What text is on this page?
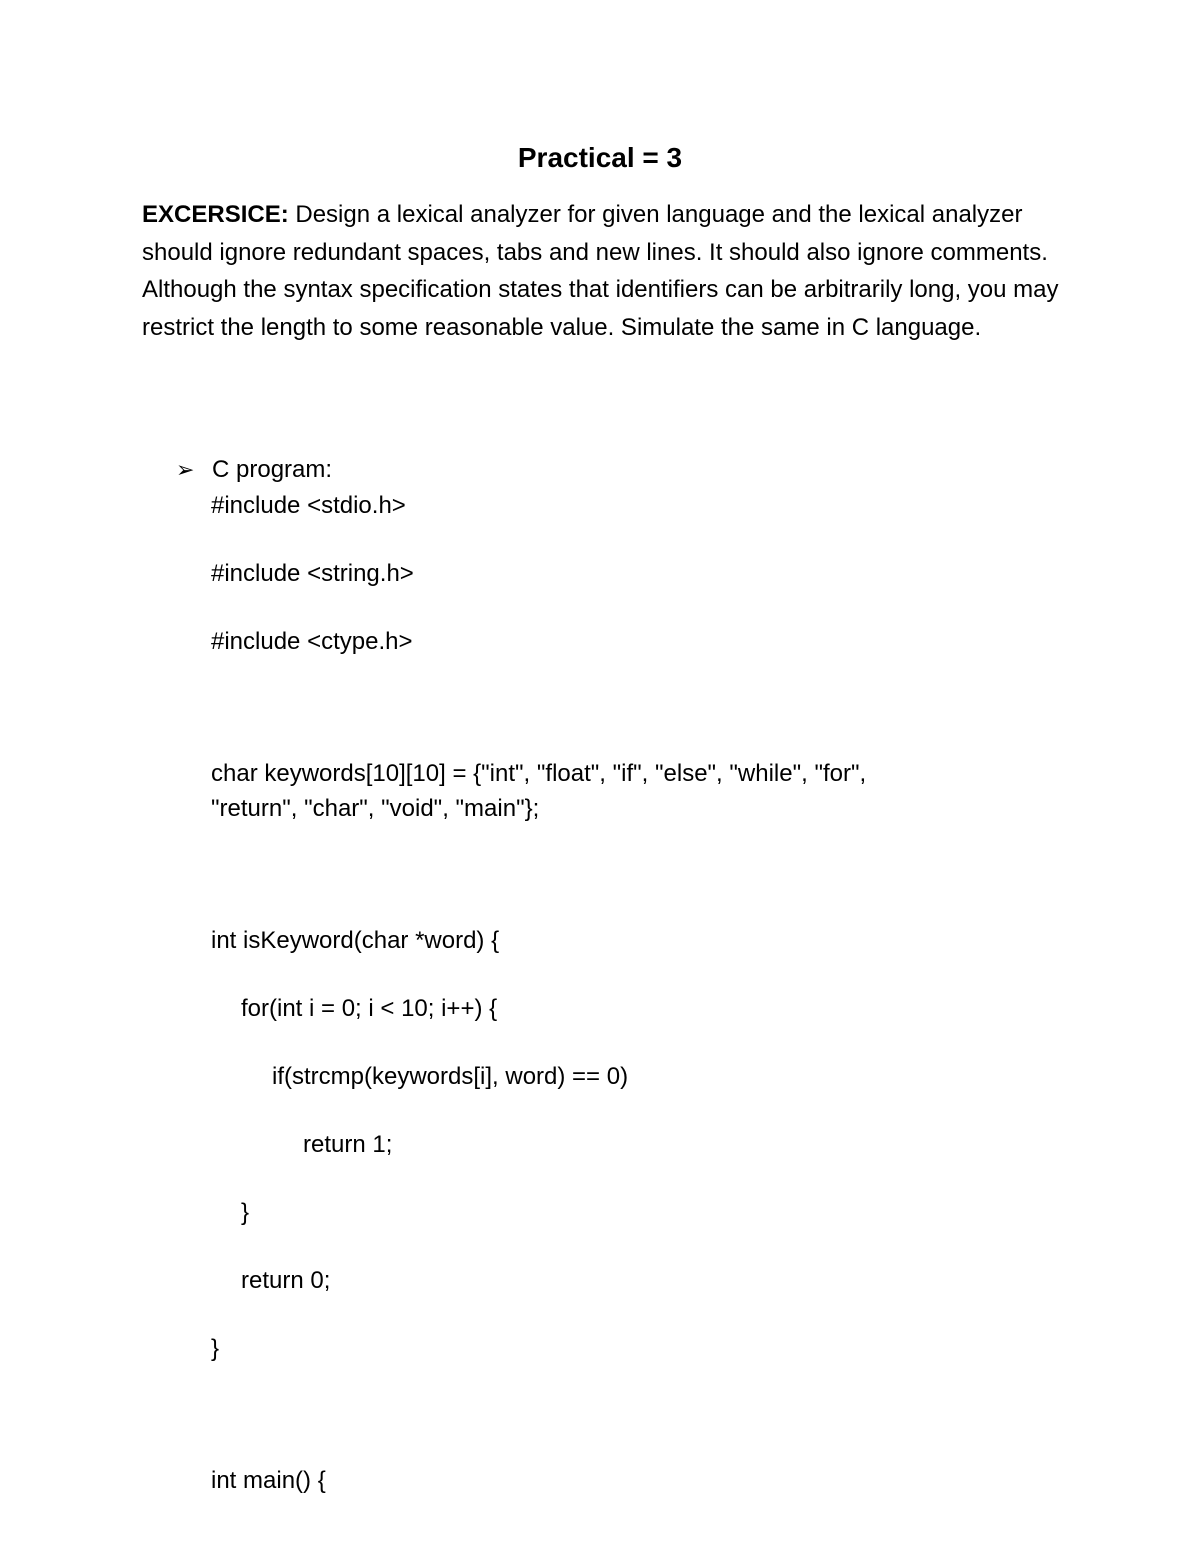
Practical = 3
EXCERSICE: Design a lexical analyzer for given language and the lexical analyzer should ignore redundant spaces, tabs and new lines. It should also ignore comments. Although the syntax specification states that identifiers can be arbitrarily long, you may restrict the length to some reasonable value. Simulate the same in C language.
➢ C program:
#include <stdio.h>
#include <string.h>
#include <ctype.h>
char keywords[10][10] = {"int", "float", "if", "else", "while", "for",
"return", "char", "void", "main"};
int isKeyword(char *word) {
for(int i = 0; i < 10; i++) {
if(strcmp(keywords[i], word) == 0)
return 1;
}
return 0;
}
int main() {
